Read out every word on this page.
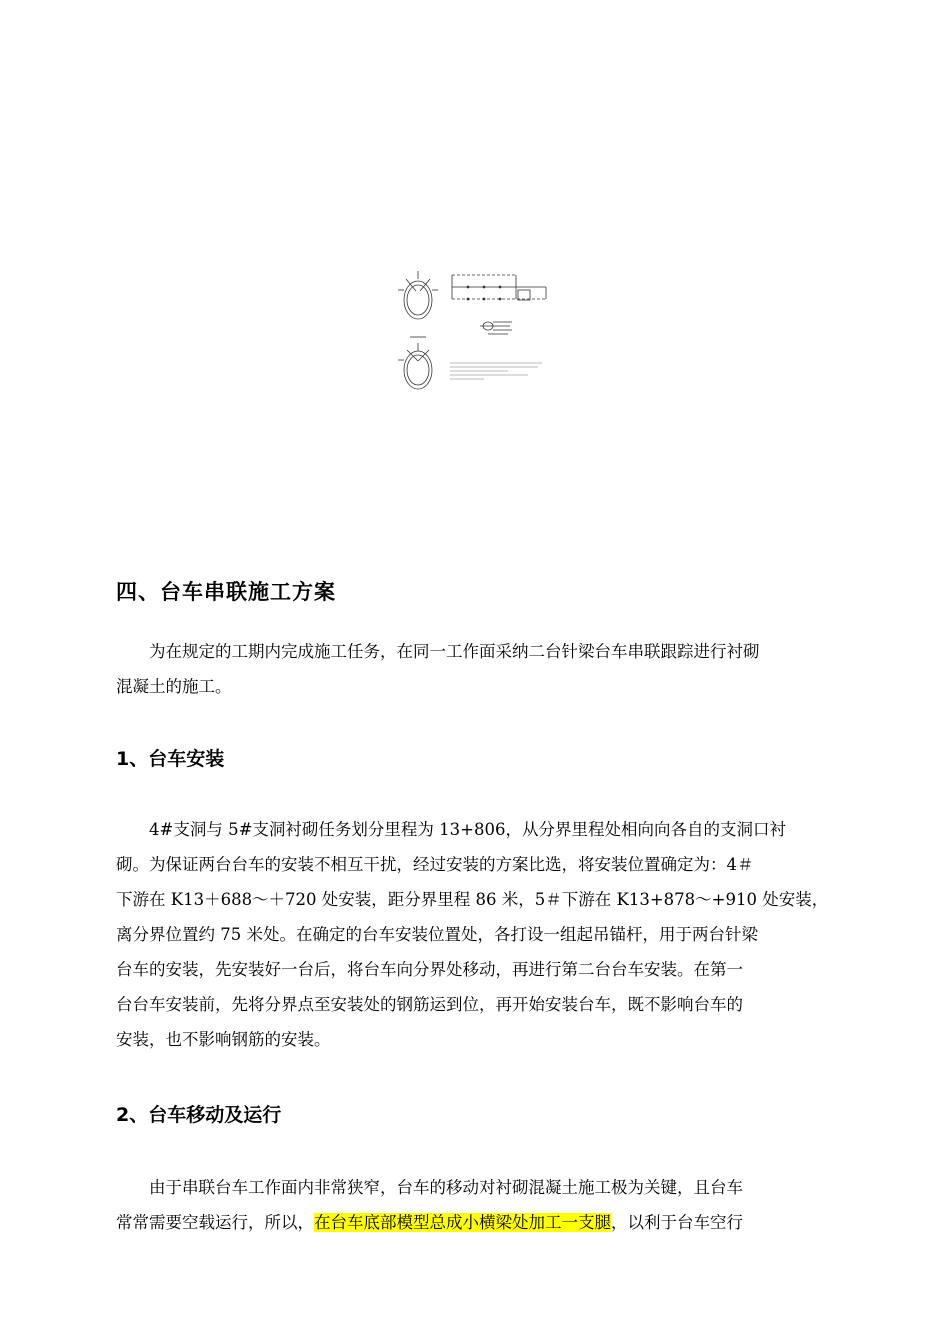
四、台车串联施工方案
为在规定的工期内完成施工任务，在同一工作面采纳二台针梁台车串联跟踪进行衬砌
混凝土的施工。
1、台车安装
4#支洞与 5#支洞衬砌任务划分里程为 13+806，从分界里程处相向向各自的支洞口衬
砌。为保证两台台车的安装不相互干扰，经过安装的方案比选，将安装位置确定为：4＃
下游在 K13＋688～＋720 处安装，距分界里程 86 米，5＃下游在 K13+878～+910 处安装，
离分界位置约 75 米处。在确定的台车安装位置处，各打设一组起吊锚杆，用于两台针梁
台车的安装，先安装好一台后，将台车向分界处移动，再进行第二台台车安装。在第一
台台车安装前，先将分界点至安装处的钢筋运到位，再开始安装台车，既不影响台车的
安装，也不影响钢筋的安装。
2、台车移动及运行
由于串联台车工作面内非常狭窄，台车的移动对衬砌混凝土施工极为关键，且台车
常常需要空载运行，所以，在台车底部模型总成小横梁处加工一支腿，以利于台车空行
